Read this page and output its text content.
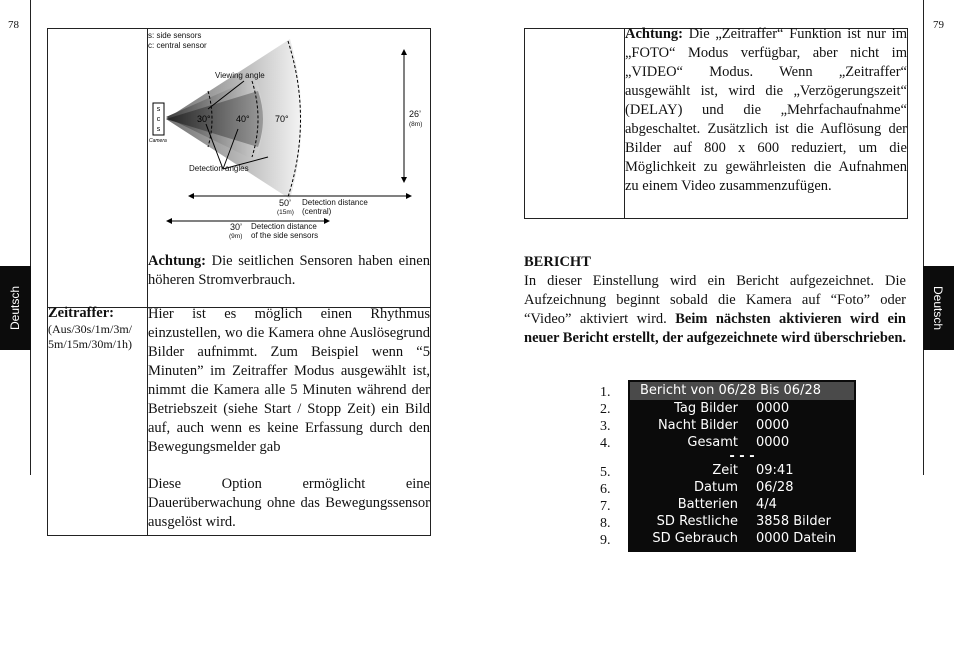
78
Deutsch
s
c
s
Camera
30°	40°	70°
s: side sensors
c: central sensor
Viewing angle
Detection angles
26’
(8m)
50’
(15m)
Detection distance (central)
30’
(9m)
Detection distance
of the side sensors
Achtung: Die seitlichen Sensoren haben einen höheren Stromverbrauch.
Zeitraffer:
(Aus/30s/1m/3m/ 5m/15m/30m/1h)
Hier ist es möglich einen Rhythmus einzustellen, wo die Kamera ohne Auslösegrund Bilder aufnimmt. Zum Beispiel wenn “5 Minuten” im Zeitraffer Modus ausgewählt ist, nimmt die Kamera alle 5 Minuten während der Betriebszeit (siehe Start / Stopp Zeit) ein Bild auf, auch wenn es keine Erfassung durch den Bewegungsmelder gab
Diese Option ermöglicht eine Dauerüberwachung ohne das Bewegungssensor ausgelöst wird.
79
Deutsch
Achtung: Die „Zeitraffer“ Funktion ist nur im „FOTO“ Modus verfügbar, aber nicht im „VIDEO“ Modus. Wenn „Zeitraffer“ ausgewählt ist, wird die „Verzögerungszeit“ (DELAY) und die „Mehrfachaufnahme“ abgeschaltet. Zusätzlich ist die Auflösung der Bilder auf 800 x 600 reduziert, um die Möglichkeit zu gewährleisten die Aufnahmen zu einem Video zusammenzufügen.
BERICHT
In dieser Einstellung wird ein Bericht aufgezeichnet. Die Aufzeichnung beginnt sobald die Kamera auf “Foto” oder “Video” aktiviert wird. Beim nächsten aktivieren wird ein neuer Bericht erstellt, der aufgezeichnete wird überschrieben.
1.
2.
3.
4.
5.
6.
7.
8.
9.
Bericht von 06/28 Bis 06/28
Tag Bilder 0000
Nacht Bilder 0000
Gesamt 0000
- - -
Zeit 09:41
Datum 06/28
Batterien 4/4
SD Restliche 3858 Bilder
SD Gebrauch 0000 Datein
